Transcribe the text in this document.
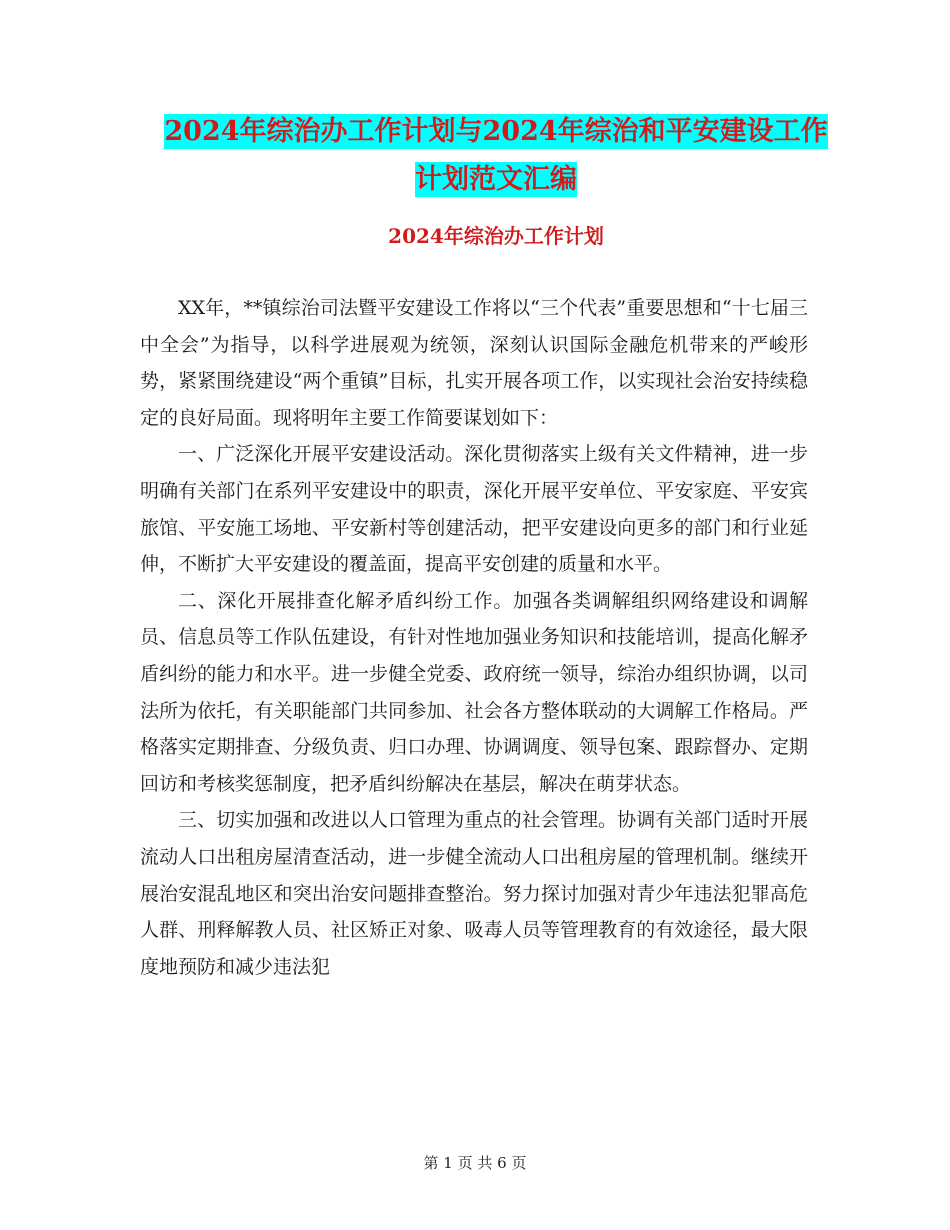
2024年综治办工作计划与2024年综治和平安建设工作
计划范文汇编
2024年综治办工作计划

XX年，**镇综治司法暨平安建设工作将以“三个代表”重要思想和“十七届三中全会”为指导，以科学进展观为统领，深刻认识国际金融危机带来的严峻形势，紧紧围绕建设“两个重镇”目标，扎实开展各项工作，以实现社会治安持续稳定的良好局面。现将明年主要工作简要谋划如下：

一、广泛深化开展平安建设活动。深化贯彻落实上级有关文件精神，进一步明确有关部门在系列平安建设中的职责，深化开展平安单位、平安家庭、平安宾旅馆、平安施工场地、平安新村等创建活动，把平安建设向更多的部门和行业延伸，不断扩大平安建设的覆盖面，提高平安创建的质量和水平。

二、深化开展排查化解矛盾纠纷工作。加强各类调解组织网络建设和调解员、信息员等工作队伍建设，有针对性地加强业务知识和技能培训，提高化解矛盾纠纷的能力和水平。进一步健全党委、政府统一领导，综治办组织协调，以司法所为依托，有关职能部门共同参加、社会各方整体联动的大调解工作格局。严格落实定期排查、分级负责、归口办理、协调调度、领导包案、跟踪督办、定期回访和考核奖惩制度，把矛盾纠纷解决在基层，解决在萌芽状态。

三、切实加强和改进以人口管理为重点的社会管理。协调有关部门适时开展流动人口出租房屋清查活动，进一步健全流动人口出租房屋的管理机制。继续开展治安混乱地区和突出治安问题排查整治。努力探讨加强对青少年违法犯罪高危人群、刑释解教人员、社区矫正对象、吸毒人员等管理教育的有效途径，最大限度地预防和减少违法犯

第 1 页 共 6 页
